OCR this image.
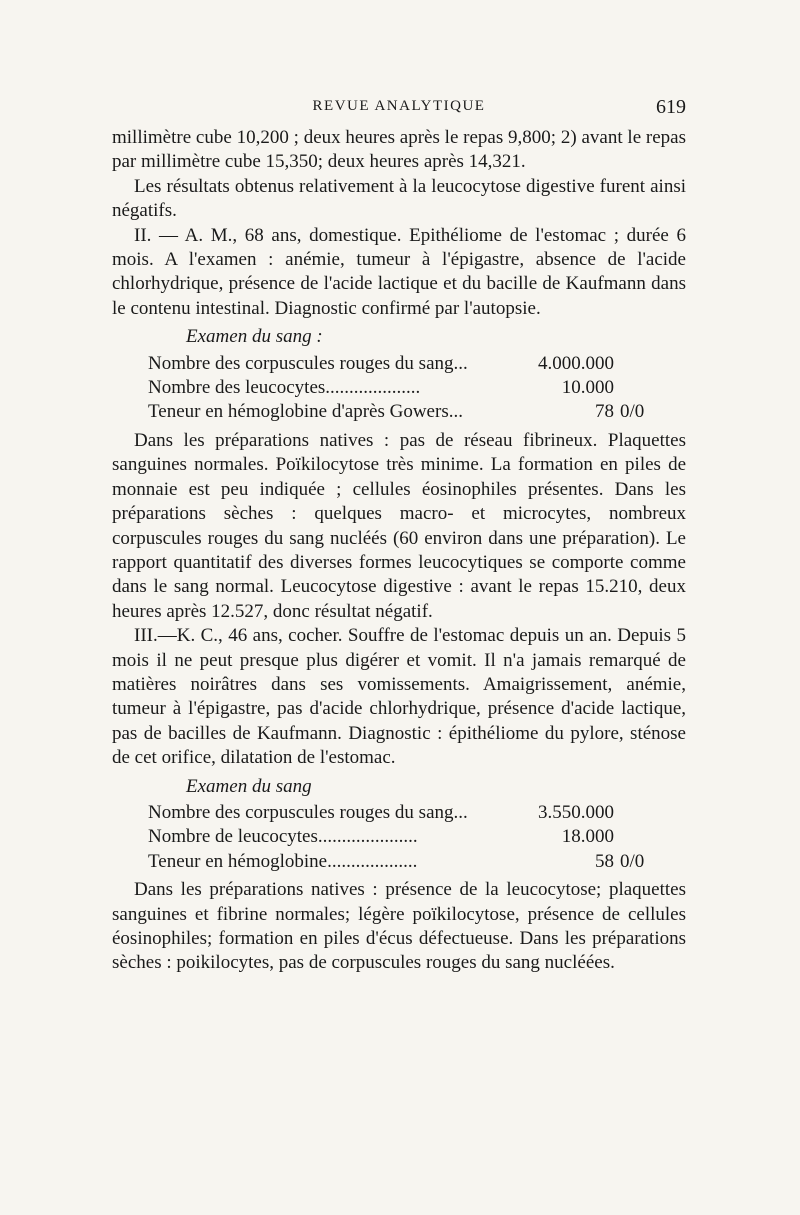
REVUE ANALYTIQUE	619

millimètre cube 10,200 ; deux heures après le repas 9,800; 2) avant le repas par millimètre cube 15,350; deux heures après 14,321.

Les résultats obtenus relativement à la leucocytose digestive furent ainsi négatifs.

II. — A. M., 68 ans, domestique. Epithéliome de l'estomac ; durée 6 mois. A l'examen : anémie, tumeur à l'épigastre, absence de l'acide chlorhydrique, présence de l'acide lactique et du bacille de Kaufmann dans le contenu intestinal. Diagnostic confirmé par l'autopsie.

Examen du sang :
Nombre des corpuscules rouges du sang...	4.000.000	
Nombre des leucocytes....................	10.000	
Teneur en hémoglobine d'après Gowers...	78	0/0

Dans les préparations natives : pas de réseau fibrineux. Plaquettes sanguines normales. Poïkilocytose très minime. La formation en piles de monnaie est peu indiquée ; cellules éosinophiles présentes. Dans les préparations sèches : quelques macro- et microcytes, nombreux corpuscules rouges du sang nucléés (60 environ dans une préparation). Le rapport quantitatif des diverses formes leucocytiques se comporte comme dans le sang normal. Leucocytose digestive : avant le repas 15.210, deux heures après 12.527, donc résultat négatif.

III.—K. C., 46 ans, cocher. Souffre de l'estomac depuis un an. Depuis 5 mois il ne peut presque plus digérer et vomit. Il n'a jamais remarqué de matières noirâtres dans ses vomissements. Amaigrissement, anémie, tumeur à l'épigastre, pas d'acide chlorhydrique, présence d'acide lactique, pas de bacilles de Kaufmann. Diagnostic : épithéliome du pylore, sténose de cet orifice, dilatation de l'estomac.

Examen du sang
Nombre des corpuscules rouges du sang...	3.550.000	
Nombre de leucocytes.....................	18.000	
Teneur en hémoglobine...................	58	0/0

Dans les préparations natives : présence de la leucocytose; plaquettes sanguines et fibrine normales; légère poïkilocytose, présence de cellules éosinophiles; formation en piles d'écus défectueuse. Dans les préparations sèches : poikilocytes, pas de corpuscules rouges du sang nucléées.
